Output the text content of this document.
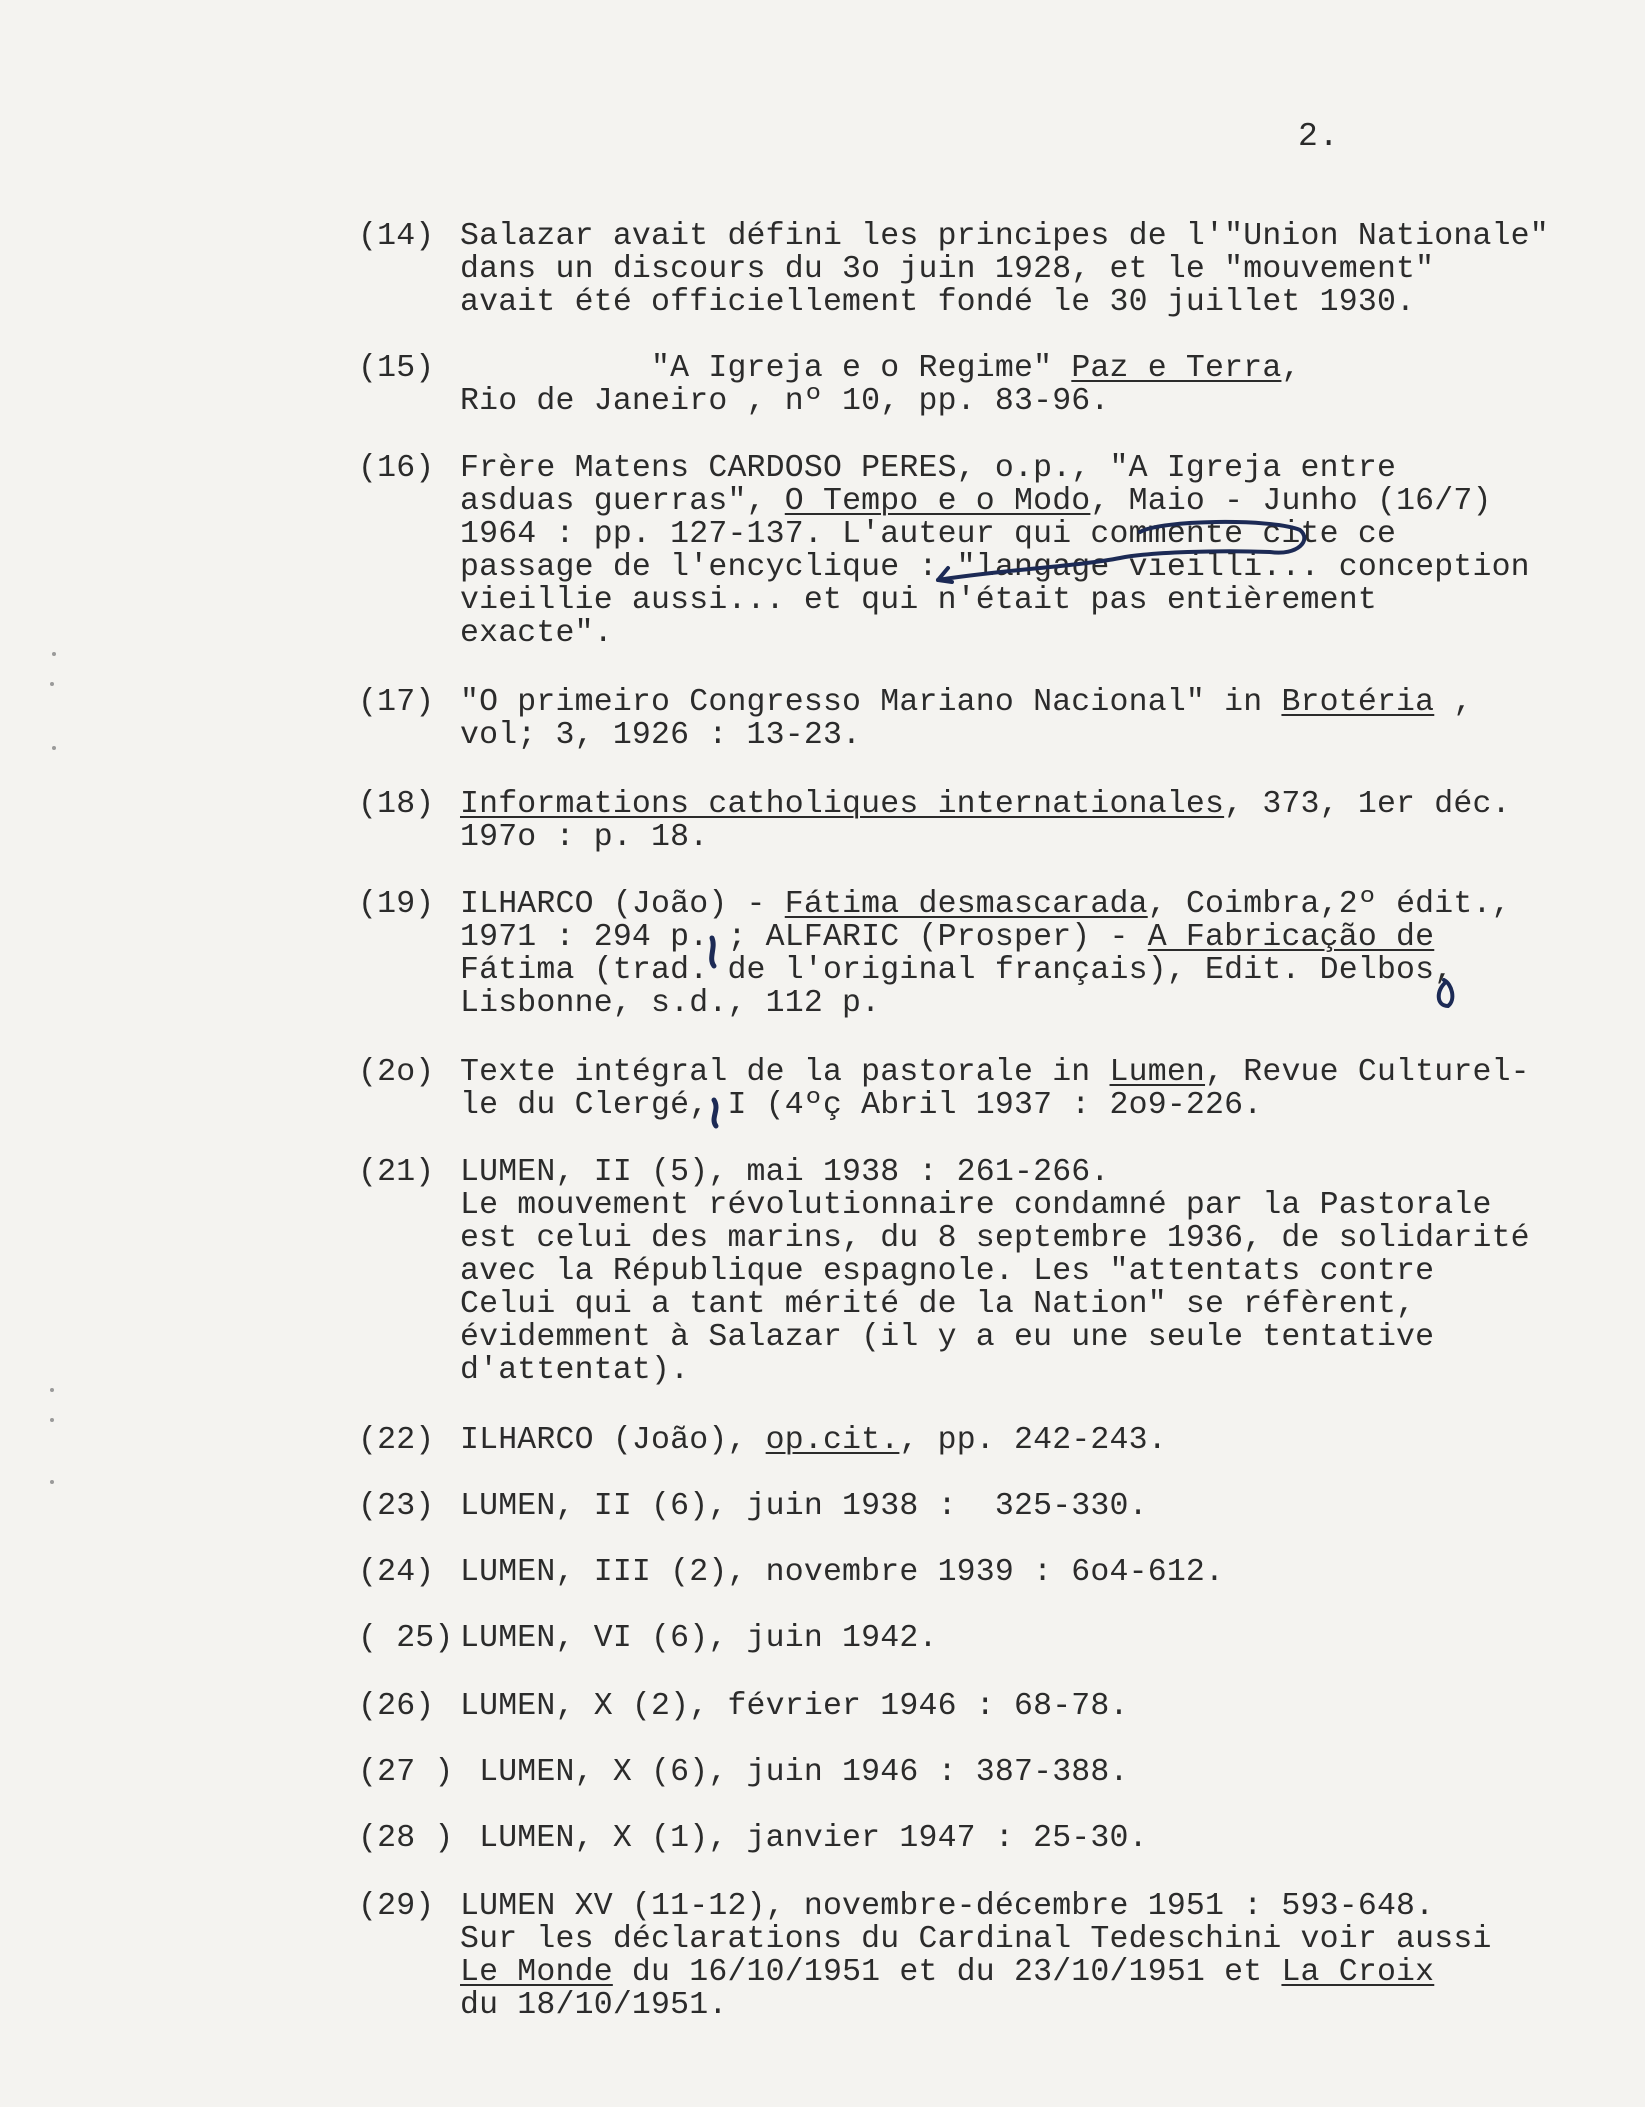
2.
(14) Salazar avait défini les principes de l'"Union Nationale"
dans un discours du 3o juin 1928, et le "mouvement"
avait été officiellement fondé le 30 juillet 1930.
(15) "A Igreja e o Regime" Paz e Terra,
Rio de Janeiro , nº 10, pp. 83-96.
(16) Frère Matens CARDOSO PERES, o.p., "A Igreja entre
asduas guerras", O Tempo e o Modo, Maio - Junho (16/7)
1964 : pp. 127-137. L'auteur qui commente cite ce
passage de l'encyclique : "langage vieilli... conception
vieillie aussi... et qui n'était pas entièrement
exacte".
(17) "O primeiro Congresso Mariano Nacional" in Brotéria ,
vol; 3, 1926 : 13-23.
(18) Informations catholiques internationales, 373, 1er déc.
197o : p. 18.
(19) ILHARCO (João) - Fátima desmascarada, Coimbra,2º édit.,
1971 : 294 p. ; ALFARIC (Prosper) - A Fabricação de
Fátima (trad. de l'original français), Edit. Delbos,
Lisbonne, s.d., 112 p.
(2o) Texte intégral de la pastorale in Lumen, Revue Culturel-
le du Clergé, I (4ºç Abril 1937 : 2o9-226.
(21) LUMEN, II (5), mai 1938 : 261-266.
Le mouvement révolutionnaire condamné par la Pastorale
est celui des marins, du 8 septembre 1936, de solidarité
avec la République espagnole. Les "attentats contre
Celui qui a tant mérité de la Nation" se réfèrent,
évidemment à Salazar (il y a eu une seule tentative
d'attentat).
(22) ILHARCO (João), op.cit., pp. 242-243.
(23) LUMEN, II (6), juin 1938 :  325-330.
(24) LUMEN, III (2), novembre 1939 : 6o4-612.
( 25) LUMEN, VI (6), juin 1942.
(26) LUMEN, X (2), février 1946 : 68-78.
(27 ) LUMEN, X (6), juin 1946 : 387-388.
(28 ) LUMEN, X (1), janvier 1947 : 25-30.
(29) LUMEN XV (11-12), novembre-décembre 1951 : 593-648.
Sur les déclarations du Cardinal Tedeschini voir aussi
Le Monde du 16/10/1951 et du 23/10/1951 et La Croix
du 18/10/1951.
